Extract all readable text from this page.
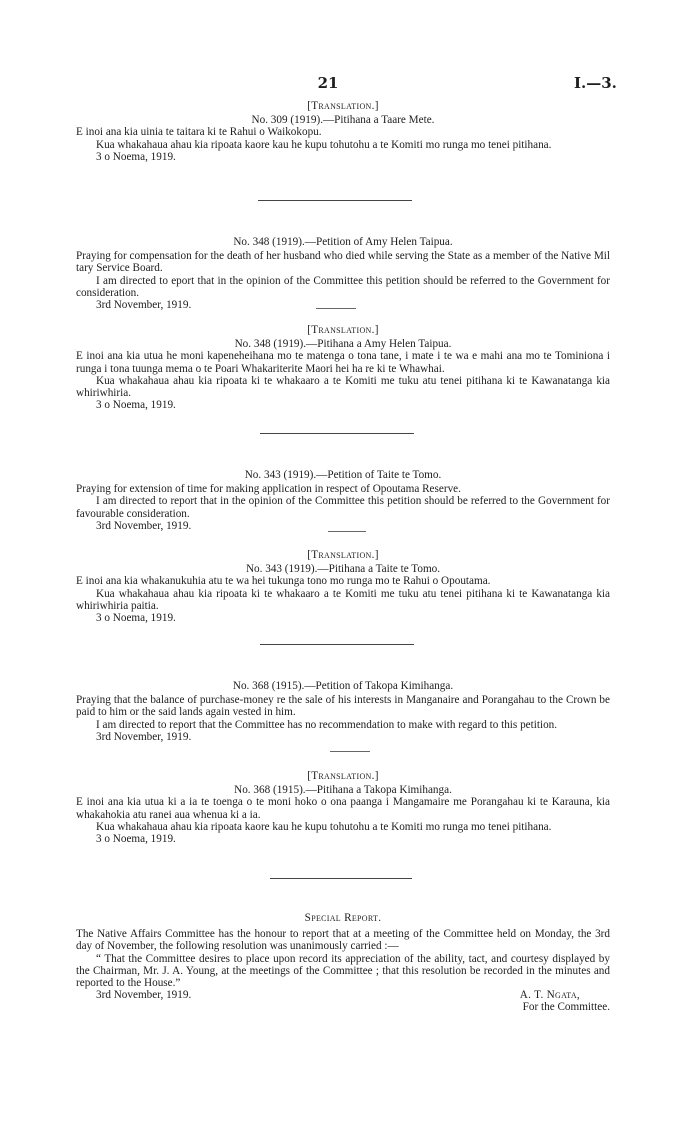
21	I.—3.
[Translation.]
No. 309 (1919).—Pitihana a Taare Mete.

E inoi ana kia uinia te taitara ki te Rahui o Waikokopu.

Kua whakahaua ahau kia ripoata kaore kau he kupu tohutohu a te Komiti mo runga mo tenei pitihana.

3 o Noema, 1919.

No. 348 (1919).—Petition of Amy Helen Taipua.

Praying for compensation for the death of her husband who died while serving the State as a member of the Native Mil tary Service Board.

I am directed to eport that in the opinion of the Committee this petition should be referred to the Government for consideration.

3rd November, 1919.

[Translation.]
No. 348 (1919).—Pitihana a Amy Helen Taipua.

E inoi ana kia utua he moni kapeneheihana mo te matenga o tona tane, i mate i te wa e mahi ana mo te Tominiona i runga i tona tuunga mema o te Poari Whakariterite Maori hei ha re ki te Whawhai.

Kua whakahaua ahau kia ripoata ki te whakaaro a te Komiti me tuku atu tenei pitihana ki te Kawanatanga kia whiriwhiria.

3 o Noema, 1919.

No. 343 (1919).—Petition of Taite te Tomo.

Praying for extension of time for making application in respect of Opoutama Reserve.

I am directed to report that in the opinion of the Committee this petition should be referred to the Government for favourable consideration.

3rd November, 1919.

[Translation.]
No. 343 (1919).—Pitihana a Taite te Tomo.

E inoi ana kia whakanukuhia atu te wa hei tukunga tono mo runga mo te Rahui o Opoutama.

Kua whakahaua ahau kia ripoata ki te whakaaro a te Komiti me tuku atu tenei pitihana ki te Kawanatanga kia whiriwhiria paitia.

3 o Noema, 1919.

No. 368 (1915).—Petition of Takopa Kimihanga.

Praying that the balance of purchase-money re the sale of his interests in Manganaire and Porangahau to the Crown be paid to him or the said lands again vested in him.

I am directed to report that the Committee has no recommendation to make with regard to this petition.

3rd November, 1919.

[Translation.]
No. 368 (1915).—Pitihana a Takopa Kimihanga.

E inoi ana kia utua ki a ia te toenga o te moni hoko o ona paanga i Mangamaire me Porangahau ki te Karauna, kia whakahokia atu ranei aua whenua ki a ia.

Kua whakahaua ahau kia ripoata kaore kau he kupu tohutohu a te Komiti mo runga mo tenei pitihana.

3 o Noema, 1919.

Special Report.

The Native Affairs Committee has the honour to report that at a meeting of the Committee held on Monday, the 3rd day of November, the following resolution was unanimously carried :—

“ That the Committee desires to place upon record its appreciation of the ability, tact, and courtesy displayed by the Chairman, Mr. J. A. Young, at the meetings of the Committee ; that this resolution be recorded in the minutes and reported to the House.”

3rd November, 1919.	A. T. Ngata,
For the Committee.
